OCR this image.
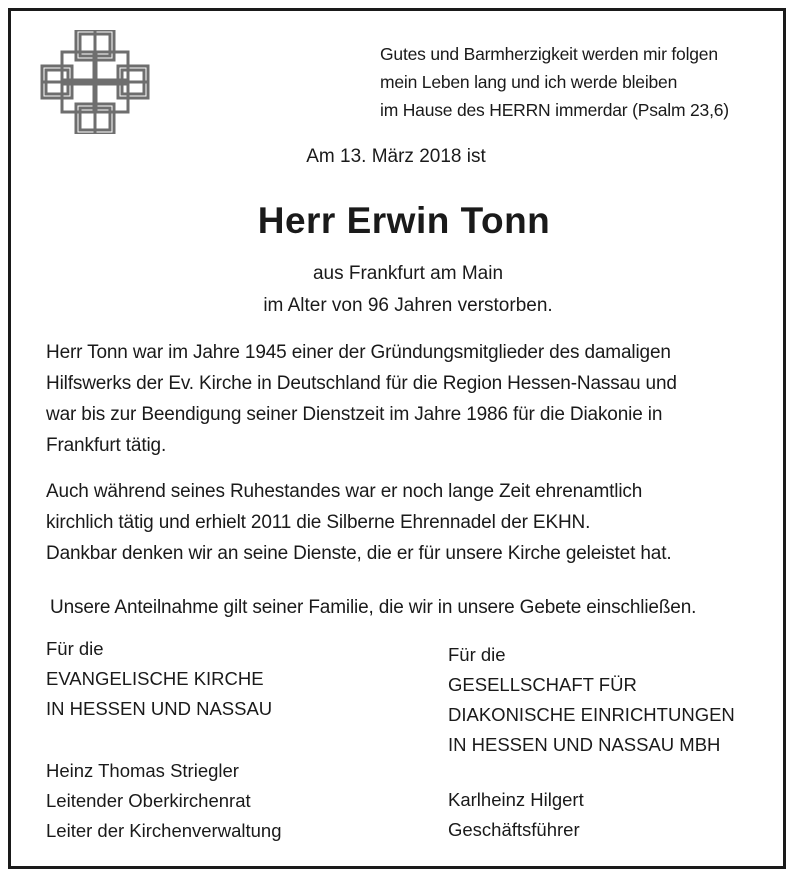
Gutes und Barmherzigkeit werden mir folgen
mein Leben lang und ich werde bleiben
im Hause des HERRN immerdar (Psalm 23,6)
Am 13. März 2018 ist
Herr Erwin Tonn
aus Frankfurt am Main
im Alter von 96 Jahren verstorben.
Herr Tonn war im Jahre 1945 einer der Gründungsmitglieder des damaligen
Hilfswerks der Ev. Kirche in Deutschland für die Region Hessen-Nassau und
war bis zur Beendigung seiner Dienstzeit im Jahre 1986 für die Diakonie in
Frankfurt tätig.
Auch während seines Ruhestandes war er noch lange Zeit ehrenamtlich
kirchlich tätig und erhielt 2011 die Silberne Ehrennadel der EKHN.
Dankbar denken wir an seine Dienste, die er für unsere Kirche geleistet hat.
Unsere Anteilnahme gilt seiner Familie, die wir in unsere Gebete einschließen.
Für die
EVANGELISCHE KIRCHE
IN HESSEN UND NASSAU
Heinz Thomas Striegler
Leitender Oberkirchenrat
Leiter der Kirchenverwaltung
Für die
GESELLSCHAFT FÜR
DIAKONISCHE EINRICHTUNGEN
IN HESSEN UND NASSAU MBH
Karlheinz Hilgert
Geschäftsführer
